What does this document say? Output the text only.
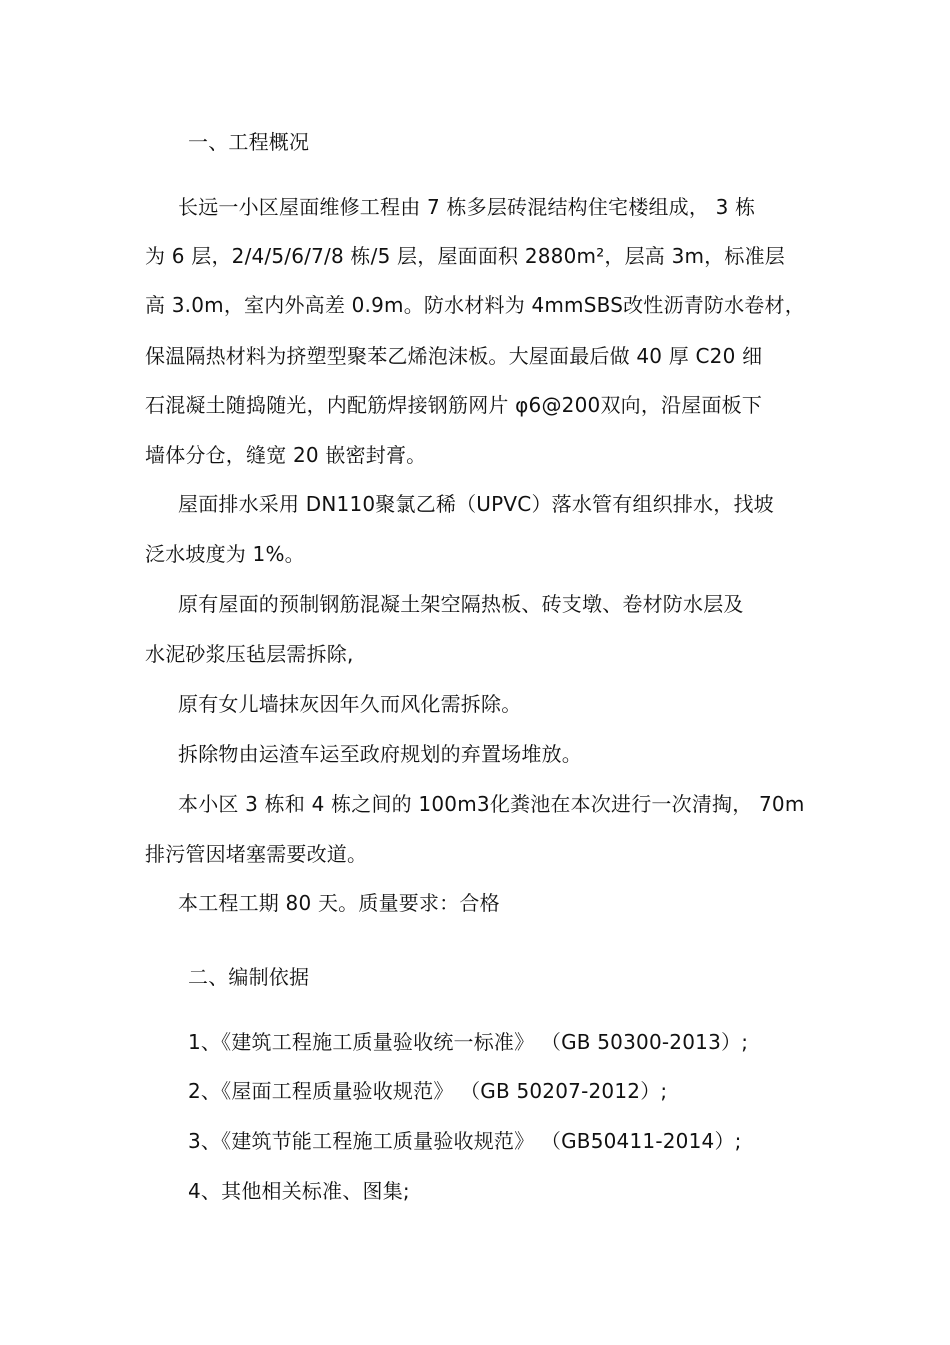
一、工程概况
长远一小区屋面维修工程由 7 栋多层砖混结构住宅楼组成， 3 栋
为 6 层，2/4/5/6/7/8 栋/5 层，屋面面积 2880m²，层高 3m，标准层
高 3.0m，室内外高差 0.9m。防水材料为 4mmSBS改性沥青防水卷材，
保温隔热材料为挤塑型聚苯乙烯泡沫板。大屋面最后做 40 厚 C20 细
石混凝土随捣随光，内配筋焊接钢筋网片 φ6@200双向，沿屋面板下
墙体分仓，缝宽 20 嵌密封膏。
屋面排水采用 DN110聚氯乙稀（UPVC）落水管有组织排水，找坡
泛水坡度为 1%。
原有屋面的预制钢筋混凝土架空隔热板、砖支墩、卷材防水层及
水泥砂浆压毡层需拆除,
原有女儿墙抹灰因年久而风化需拆除。
拆除物由运渣车运至政府规划的弃置场堆放。
本小区 3 栋和 4 栋之间的 100m3化粪池在本次进行一次清掏， 70m
排污管因堵塞需要改道。
本工程工期 80 天。质量要求：合格
二、编制依据
1、《建筑工程施工质量验收统一标准》 （GB 50300-2013）;
2、《屋面工程质量验收规范》 （GB 50207-2012）;
3、《建筑节能工程施工质量验收规范》 （GB50411-2014）;
4、其他相关标准、图集;
